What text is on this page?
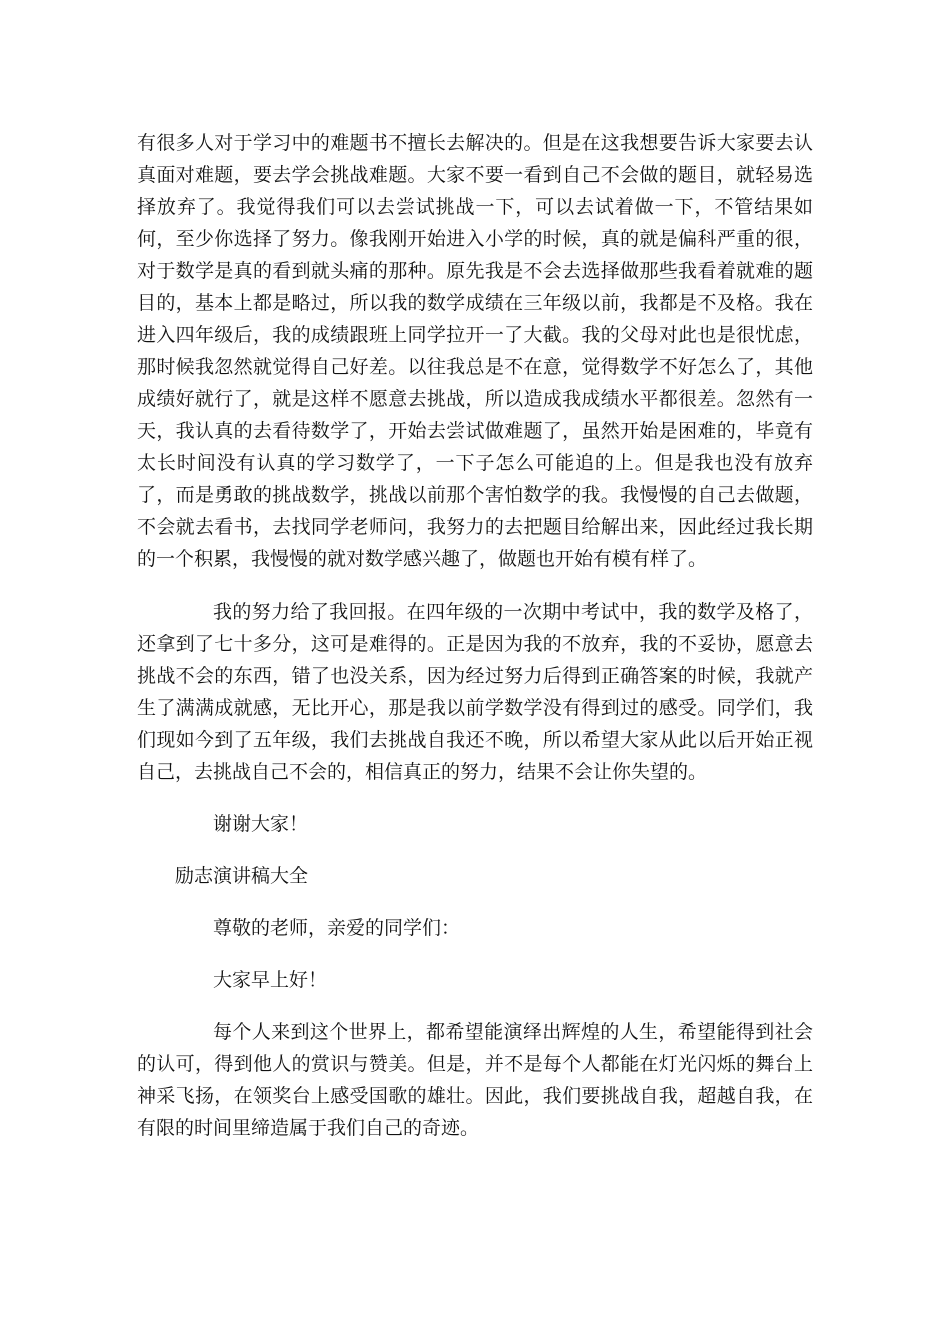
有很多人对于学习中的难题书不擅长去解决的。但是在这我想要告诉大家要去认真面对难题，要去学会挑战难题。大家不要一看到自己不会做的题目，就轻易选择放弃了。我觉得我们可以去尝试挑战一下，可以去试着做一下，不管结果如何，至少你选择了努力。像我刚开始进入小学的时候，真的就是偏科严重的很，对于数学是真的看到就头痛的那种。原先我是不会去选择做那些我看着就难的题目的，基本上都是略过，所以我的数学成绩在三年级以前，我都是不及格。我在进入四年级后，我的成绩跟班上同学拉开一了大截。我的父母对此也是很忧虑，那时候我忽然就觉得自己好差。以往我总是不在意，觉得数学不好怎么了，其他成绩好就行了，就是这样不愿意去挑战，所以造成我成绩水平都很差。忽然有一天，我认真的去看待数学了，开始去尝试做难题了，虽然开始是困难的，毕竟有太长时间没有认真的学习数学了，一下子怎么可能追的上。但是我也没有放弃了，而是勇敢的挑战数学，挑战以前那个害怕数学的我。我慢慢的自己去做题，不会就去看书，去找同学老师问，我努力的去把题目给解出来，因此经过我长期的一个积累，我慢慢的就对数学感兴趣了，做题也开始有模有样了。

我的努力给了我回报。在四年级的一次期中考试中，我的数学及格了，还拿到了七十多分，这可是难得的。正是因为我的不放弃，我的不妥协，愿意去挑战不会的东西，错了也没关系，因为经过努力后得到正确答案的时候，我就产生了满满成就感，无比开心，那是我以前学数学没有得到过的感受。同学们，我们现如今到了五年级，我们去挑战自我还不晚，所以希望大家从此以后开始正视自己，去挑战自己不会的，相信真正的努力，结果不会让你失望的。

谢谢大家！

励志演讲稿大全

尊敬的老师，亲爱的同学们：

大家早上好！

每个人来到这个世界上，都希望能演绎出辉煌的人生，希望能得到社会的认可，得到他人的赏识与赞美。但是，并不是每个人都能在灯光闪烁的舞台上神采飞扬，在领奖台上感受国歌的雄壮。因此，我们要挑战自我，超越自我，在有限的时间里缔造属于我们自己的奇迹。
